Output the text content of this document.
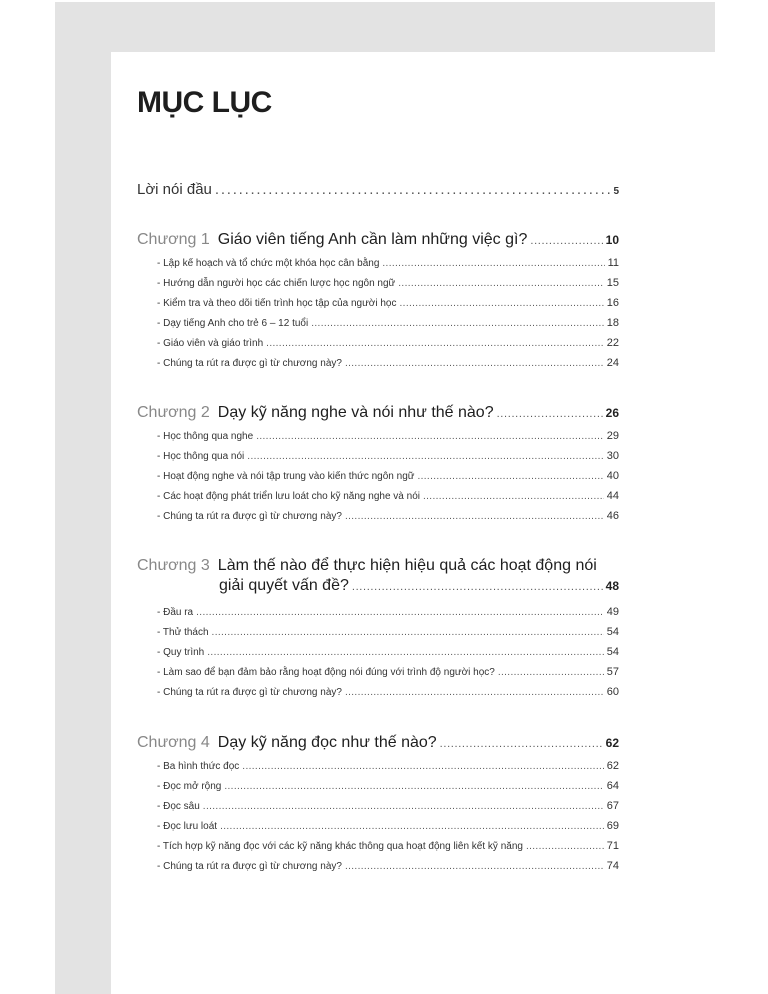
MỤC LỤC
Lời nói đầu . . .	5
Chương 1 Giáo viên tiếng Anh cần làm những việc gì? . . .	10
- Lập kế hoạch và tổ chức một khóa học cân bằng . . .	11
- Hướng dẫn người học các chiến lược học ngôn ngữ . . .	15
- Kiểm tra và theo dõi tiến trình học tập của người học . . .	16
- Dạy tiếng Anh cho trẻ 6 – 12 tuổi . . .	18
- Giáo viên và giáo trình . . .	22
- Chúng ta rút ra được gì từ chương này? . . .	24
Chương 2 Dạy kỹ năng nghe và nói như thế nào? . . .	26
- Học thông qua nghe . . .	29
- Học thông qua nói . . .	30
- Hoạt động nghe và nói tập trung vào kiến thức ngôn ngữ . . .	40
- Các hoạt động phát triển lưu loát cho kỹ năng nghe và nói . . .	44
- Chúng ta rút ra được gì từ chương này? . . .	46
Chương 3 Làm thế nào để thực hiện hiệu quả các hoạt động nói
giải quyết vấn đề? . . .	48
- Đầu ra . . .	49
- Thử thách . . .	54
- Quy trình . . .	54
- Làm sao để bạn đảm bảo rằng hoạt động nói đúng với trình độ người học? . . .	57
- Chúng ta rút ra được gì từ chương này? . . .	60
Chương 4 Dạy kỹ năng đọc như thế nào? . . .	62
- Ba hình thức đọc . . .	62
- Đọc mở rộng . . .	64
- Đọc sâu . . .	67
- Đọc lưu loát . . .	69
- Tích hợp kỹ năng đọc với các kỹ năng khác thông qua hoạt động liên kết kỹ năng . . .	71
- Chúng ta rút ra được gì từ chương này? . . .	74
